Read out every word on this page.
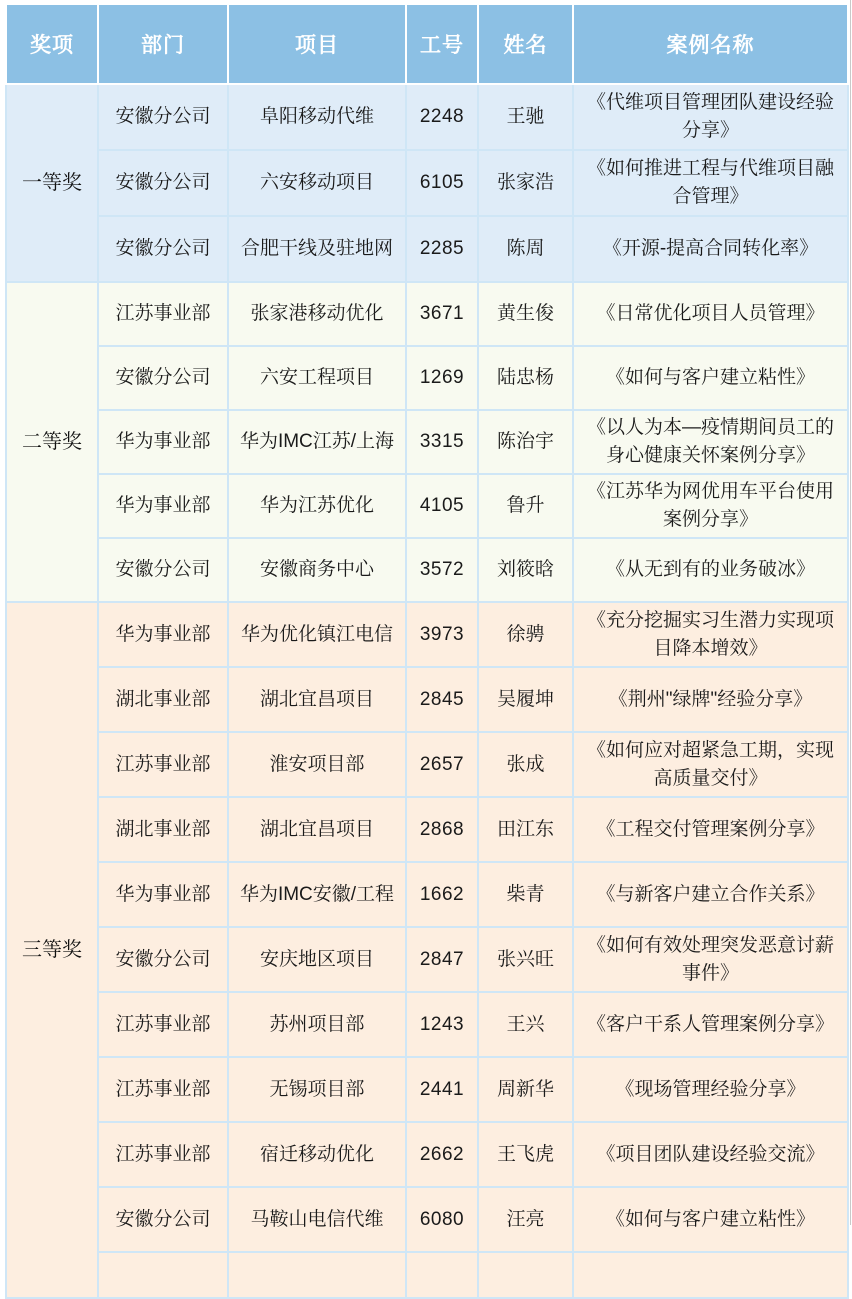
奖项	部门	项目	工号	姓名	案例名称
一等奖	安徽分公司	阜阳移动代维	2248	王驰	《代维项目管理团队建设经验分享》
	安徽分公司	六安移动项目	6105	张家浩	《如何推进工程与代维项目融合管理》
	安徽分公司	合肥干线及驻地网	2285	陈周	《开源-提高合同转化率》
二等奖	江苏事业部	张家港移动优化	3671	黄生俊	《日常优化项目人员管理》
	安徽分公司	六安工程项目	1269	陆忠杨	《如何与客户建立粘性》
	华为事业部	华为IMC江苏/上海	3315	陈治宇	《以人为本—疫情期间员工的身心健康关怀案例分享》
	华为事业部	华为江苏优化	4105	鲁升	《江苏华为网优用车平台使用案例分享》
	安徽分公司	安徽商务中心	3572	刘筱晗	《从无到有的业务破冰》
三等奖	华为事业部	华为优化镇江电信	3973	徐骋	《充分挖掘实习生潜力实现项目降本增效》
	湖北事业部	湖北宜昌项目	2845	吴履坤	《荆州"绿牌"经验分享》
	江苏事业部	淮安项目部	2657	张成	《如何应对超紧急工期，实现高质量交付》
	湖北事业部	湖北宜昌项目	2868	田江东	《工程交付管理案例分享》
	华为事业部	华为IMC安徽/工程	1662	柴青	《与新客户建立合作关系》
	安徽分公司	安庆地区项目	2847	张兴旺	《如何有效处理突发恶意讨薪事件》
	江苏事业部	苏州项目部	1243	王兴	《客户干系人管理案例分享》
	江苏事业部	无锡项目部	2441	周新华	《现场管理经验分享》
	江苏事业部	宿迁移动优化	2662	王飞虎	《项目团队建设经验交流》
	安徽分公司	马鞍山电信代维	6080	汪亮	《如何与客户建立粘性》
